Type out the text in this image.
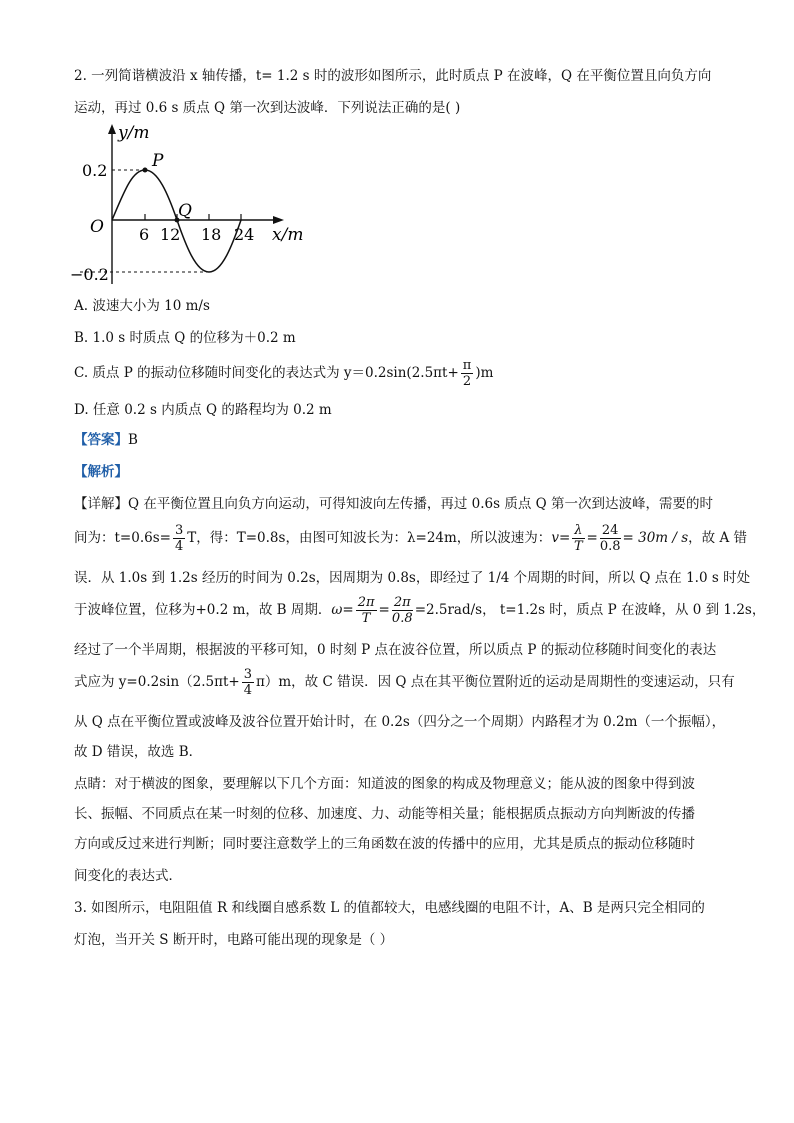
2. 一列简谐横波沿 x 轴传播，t= 1.2 s 时的波形如图所示，此时质点 P 在波峰，Q 在平衡位置且向负方向
运动，再过 0.6 s 质点 Q 第一次到达波峰．下列说法正确的是( )
y/m
x/m
O
0.2
−0.2
6 12 18 24
P
Q
A. 波速大小为 10 m/s
B. 1.0 s 时质点 Q 的位移为＋0.2 m
C. 质点 P 的振动位移随时间变化的表达式为 $y=0.2\sin(2.5\pi t+ \frac{\pi}{2} )m$
D. 任意 0.2 s 内质点 Q 的路程均为 0.2 m
【答案】B
【解析】
【详解】Q 在平衡位置且向负方向运动，可得知波向左传播，再过 0.6s 质点 Q 第一次到达波峰，需要的时
间为：$t=0.6s= \frac{3}{4}$ T，得：T=0.8s，由图可知波长为：λ=24m，所以波速为：$v= \frac{\lambda}{T} = \frac{24}{0.8} = 30m / s$，故 A 错
误．从 1.0s 到 1.2s 经历的时间为 0.2s，因周期为 0.8s，即经过了 1/4 个周期的时间，所以 Q 点在 1.0 s 时处
于波峰位置，位移为+0.2 m，故 B 周期．$\omega= \frac{2\pi}{T} = \frac{2\pi}{0.8} =2.5rad/s$， t=1.2s 时，质点 P 在波峰，从 0 到 1.2s，
经过了一个半周期，根据波的平移可知，0 时刻 P 点在波谷位置，所以质点 P 的振动位移随时间变化的表达
式应为 $y=0.2\sin(2.5\pi t+ \frac{3}{4} \pi)m$，故 C 错误．因 Q 点在其平衡位置附近的运动是周期性的变速运动，只有
从 Q 点在平衡位置或波峰及波谷位置开始计时，在 0.2s（四分之一个周期）内路程才为 0.2m（一个振幅），
故 D 错误，故选 B．
点睛：对于横波的图象，要理解以下几个方面：知道波的图象的构成及物理意义；能从波的图象中得到波
长、振幅、不同质点在某一时刻的位移、加速度、力、动能等相关量；能根据质点振动方向判断波的传播
方向或反过来进行判断；同时要注意数学上的三角函数在波的传播中的应用，尤其是质点的振动位移随时
间变化的表达式．
3. 如图所示，电阻阻值 R 和线圈自感系数 L 的值都较大，电感线圈的电阻不计，A、B 是两只完全相同的
灯泡，当开关 S 断开时，电路可能出现的现象是（ ）
